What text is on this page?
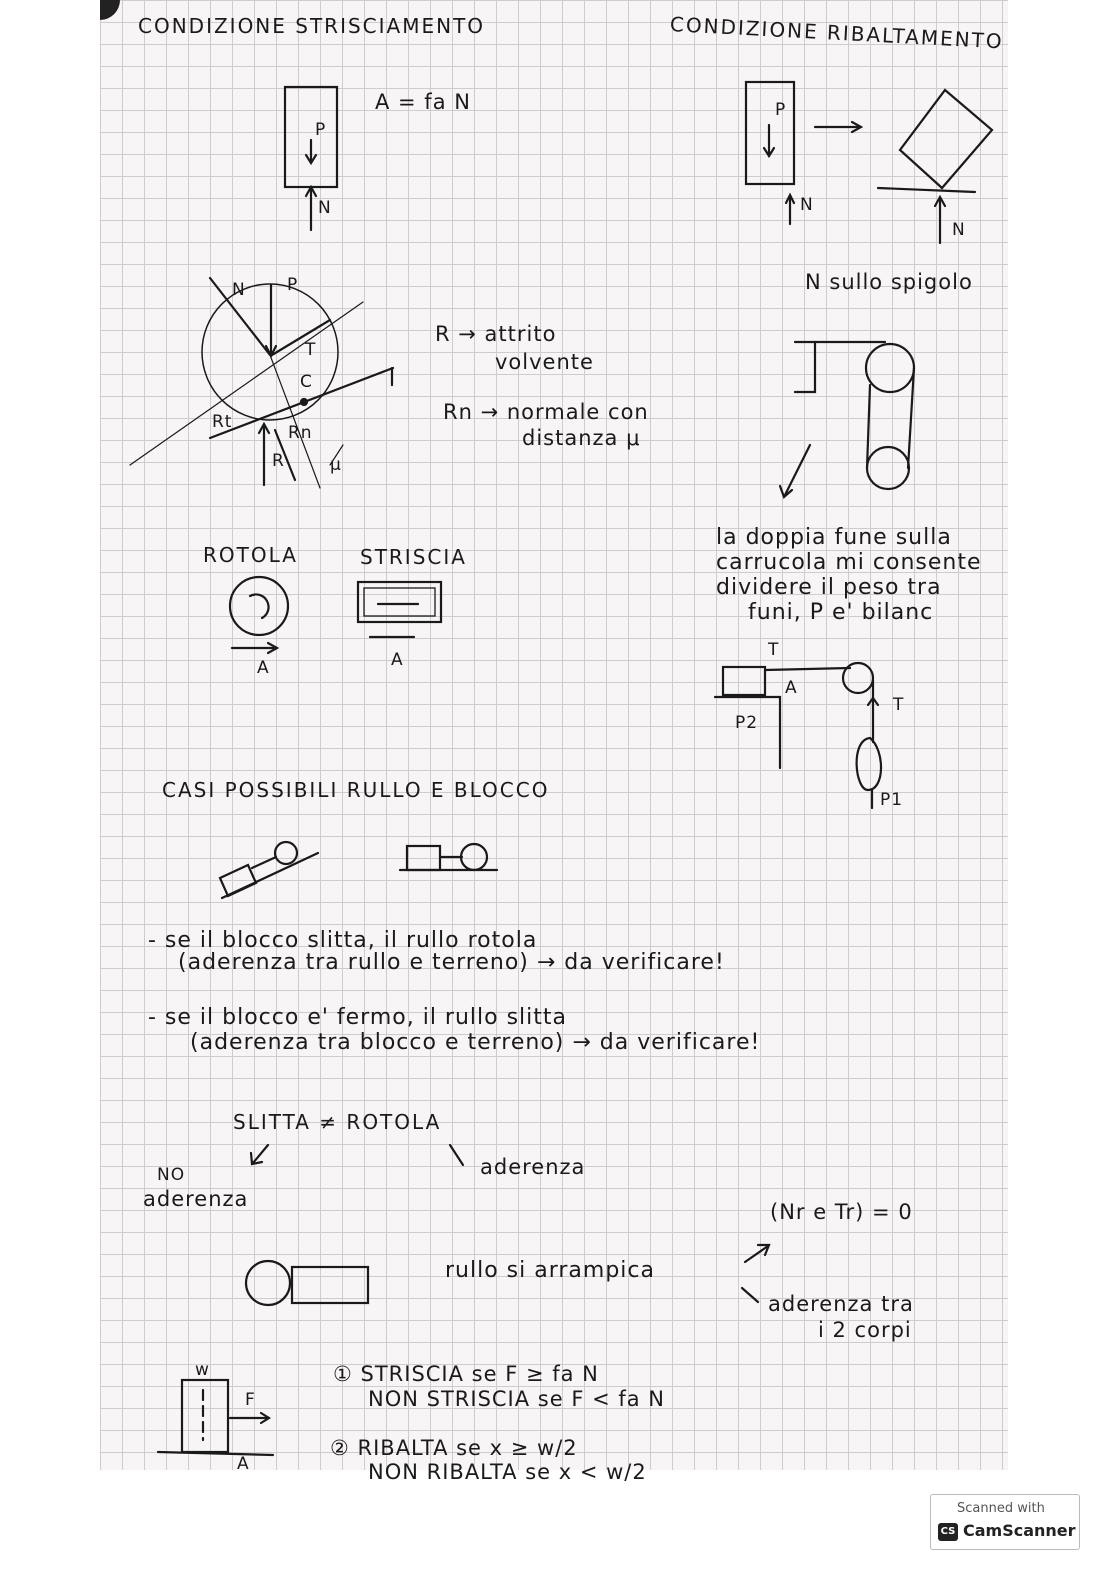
CONDIZIONE STRISCIAMENTO	CONDIZIONE RIBALTAMENTO
A = fa N
P
N
P
N
N
N sullo spigolo
N P
T
C
Rt
Rn
R	μ
R → attrito
volvente
Rn → normale con
distanza μ
la doppia fune sulla
carrucola mi consente
dividere il peso tra
funi, P e' bilanc
T
A
P2
T
P1
ROTOLA	STRISCIA
A	A
CASI POSSIBILI RULLO E BLOCCO
- se il blocco slitta, il rullo rotola
(aderenza tra rullo e terreno) → da verificare!
- se il blocco e' fermo, il rullo slitta
(aderenza tra blocco e terreno) → da verificare!
SLITTA ≠ ROTOLA
NO
aderenza
aderenza
rullo si arrampica
(Nr e Tr) = 0
aderenza tra
i 2 corpi
w
F
A
① STRISCIA se F ≥ fa N
NON STRISCIA se F < fa N
② RIBALTA se x ≥ w/2
NON RIBALTA se x < w/2
Scanned with
CS CamScanner
